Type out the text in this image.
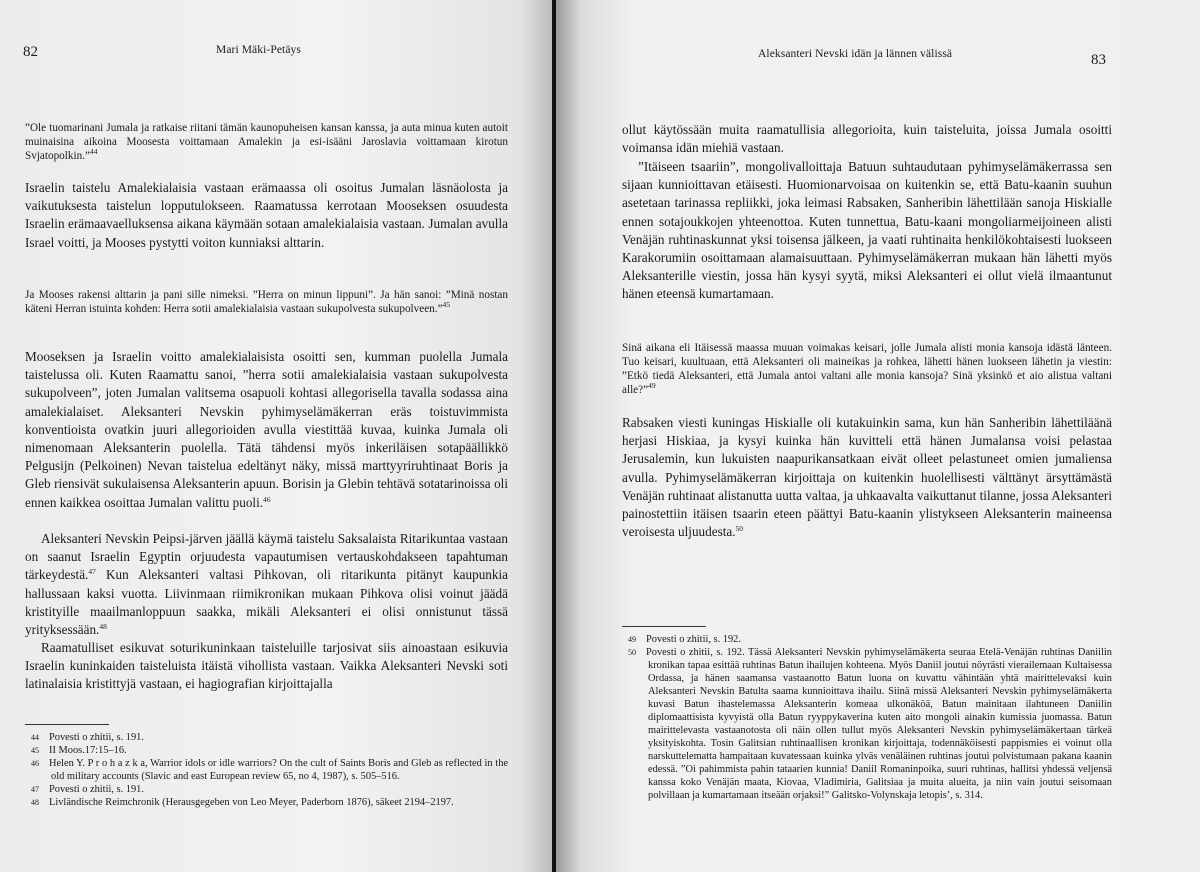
82	Mari Mäki-Petäys

”Ole tuomarinani Jumala ja ratkaise riitani tämän kaunopuheisen kansan kanssa, ja auta minua kuten autoit muinaisina aikoina Moosesta voittamaan Amalekin ja esi-isääni Jaroslavia voittamaan kirotun Svjatopolkin.”$^{44}$

Israelin taistelu Amalekialaisia vastaan erämaassa oli osoitus Jumalan läsnäolosta ja vaikutuksesta taistelun lopputulokseen. Raamatussa kerrotaan Mooseksen osuudesta Israelin erämaavaelluksensa aikana käymään sotaan amalekialaisia vastaan. Jumalan avulla Israel voitti, ja Mooses pystytti voiton kunniaksi alttarin.

Ja Mooses rakensi alttarin ja pani sille nimeksi. ”Herra on minun lippuni”. Ja hän sanoi: ”Minä nostan käteni Herran istuinta kohden: Herra sotii amalekialaisia vastaan sukupolvesta sukupolveen.”$^{45}$

Mooseksen ja Israelin voitto amalekialaisista osoitti sen, kumman puolella Jumala taistelussa oli. Kuten Raamattu sanoi, ”herra sotii amalekialaisia vastaan sukupolvesta sukupolveen”, joten Jumalan valitsema osapuoli kohtasi allegorisella tavalla sodassa aina amalekialaiset. Aleksanteri Nevskin pyhimyselämäkerran eräs toistuvimmista konventioista ovatkin juuri allegorioiden avulla viestittää kuvaa, kuinka Jumala oli nimenomaan Aleksanterin puolella. Tätä tähdensi myös inkeriläisen sotapäällikkö Pelgusijn (Pelkoinen) Nevan taistelua edeltänyt näky, missä marttyyriruhtinaat Boris ja Gleb riensivät sukulaisensa Aleksanterin apuun. Borisin ja Glebin tehtävä sotatarinoissa oli ennen kaikkea osoittaa Jumalan valittu puoli.$^{46}$

Aleksanteri Nevskin Peipsi-järven jäällä käymä taistelu Saksalaista Ritarikuntaa vastaan on saanut Israelin Egyptin orjuudesta vapautumisen vertauskohdakseen tapahtuman tärkeydestä.$^{47}$ Kun Aleksanteri valtasi Pihkovan, oli ritarikunta pitänyt kaupunkia hallussaan kaksi vuotta. Liivinmaan riimikronikan mukaan Pihkova olisi voinut jäädä kristityille maailmanloppuun saakka, mikäli Aleksanteri ei olisi onnistunut tässä yrityksessään.$^{48}$

Raamatulliset esikuvat soturikuninkaan taisteluille tarjosivat siis ainoastaan esikuvia Israelin kuninkaiden taisteluista itäistä vihollista vastaan. Vaikka Aleksanteri Nevski soti latinalaisia kristittyjä vastaan, ei hagiografian kirjoittajalla

44 Povesti o zhitii, s. 191.

45 II Moos.17:15–16.

46 Helen Y. P r o h a z k a, Warrior idols or idle warriors? On the cult of Saints Boris and Gleb as reflected in the old military accounts (Slavic and east European review 65, no 4, 1987), s. 505–516.

47 Povesti o zhitii, s. 191.

48 Livländische Reimchronik (Herausgegeben von Leo Meyer, Paderborn 1876), säkeet 2194–2197.

Aleksanteri Nevski idän ja lännen välissä	83

ollut käytössään muita raamatullisia allegorioita, kuin taisteluita, joissa Jumala osoitti voimansa idän miehiä vastaan.

”Itäiseen tsaariin”, mongolivalloittaja Batuun suhtaudutaan pyhimyselämäkerrassa sen sijaan kunnioittavan etäisesti. Huomionarvoisaa on kuitenkin se, että Batu-kaanin suuhun asetetaan tarinassa repliikki, joka leimasi Rabsaken, Sanheribin lähettilään sanoja Hiskialle ennen sotajoukkojen yhteenottoa. Kuten tunnettua, Batu-kaani mongoliarmeijoineen alisti Venäjän ruhtinaskunnat yksi toisensa jälkeen, ja vaati ruhtinaita henkilökohtaisesti luokseen Karakorumiin osoittamaan alamaisuuttaan. Pyhimyselämäkerran mukaan hän lähetti myös Aleksanterille viestin, jossa hän kysyi syytä, miksi Aleksanteri ei ollut vielä ilmaantunut hänen eteensä kumartamaan.

Sinä aikana eli Itäisessä maassa muuan voimakas keisari, jolle Jumala alisti monia kansoja idästä länteen. Tuo keisari, kuultuaan, että Aleksanteri oli maineikas ja rohkea, lähetti hänen luokseen lähetin ja viestin: ”Etkö tiedä Aleksanteri, että Jumala antoi valtani alle monia kansoja? Sinä yksinkö et aio alistua valtani alle?”$^{49}$

Rabsaken viesti kuningas Hiskialle oli kutakuinkin sama, kun hän Sanheribin lähettiläänä herjasi Hiskiaa, ja kysyi kuinka hän kuvitteli että hänen Jumalansa voisi pelastaa Jerusalemin, kun lukuisten naapurikansatkaan eivät olleet pelastuneet omien jumaliensa avulla. Pyhimyselämäkerran kirjoittaja on kuitenkin huolellisesti välttänyt ärsyttämästä Venäjän ruhtinaat alistanutta uutta valtaa, ja uhkaavalta vaikuttanut tilanne, jossa Aleksanteri painostettiin itäisen tsaarin eteen päättyi Batu-kaanin ylistykseen Aleksanterin maineensa veroisesta uljuudesta.$^{50}$

49 Povesti o zhitii, s. 192.

50 Povesti o zhitii, s. 192. Tässä Aleksanteri Nevskin pyhimyselämäkerta seuraa Etelä-Venäjän ruhtinas Daniilin kronikan tapaa esittää ruhtinas Batun ihailujen kohteena. Myös Daniil joutui nöyrästi vierailemaan Kultaisessa Ordassa, ja hänen saamansa vastaanotto Batun luona on kuvattu vähintään yhtä mairittelevaksi kuin Aleksanteri Nevskin Batulta saama kunnioittava ihailu. Siinä missä Aleksanteri Nevskin pyhimyselämäkerta kuvasi Batun ihastelemassa Aleksanterin komeaa ulkonäköä, Batun mainitaan ilahtuneen Daniilin diplomaattisista kyvyistä olla Batun ryyppykaverina kuten aito mongoli ainakin kumissia juomassa. Batun mairittelevasta vastaanotosta oli näin ollen tullut myös Aleksanteri Nevskin pyhimyselämäkertaan tärkeä yksityiskohta. Tosin Galitsian ruhtinaallisen kronikan kirjoittaja, todennäköisesti pappismies ei voinut olla narskuttelematta hampaitaan kuvatessaan kuinka ylväs venäläinen ruhtinas joutui polvistumaan pakana kaanin edessä. ”Oi pahimmista pahin tataarien kunnia! Daniil Romaninpoika, suuri ruhtinas, hallitsi yhdessä veljensä kanssa koko Venäjän maata, Kiovaa, Vladimiria, Galitsiaa ja muita alueita, ja niin vain joutui seisomaan polvillaan ja kumartamaan itseään orjaksi!” Galitsko-Volynskaja letopis’, s. 314.
